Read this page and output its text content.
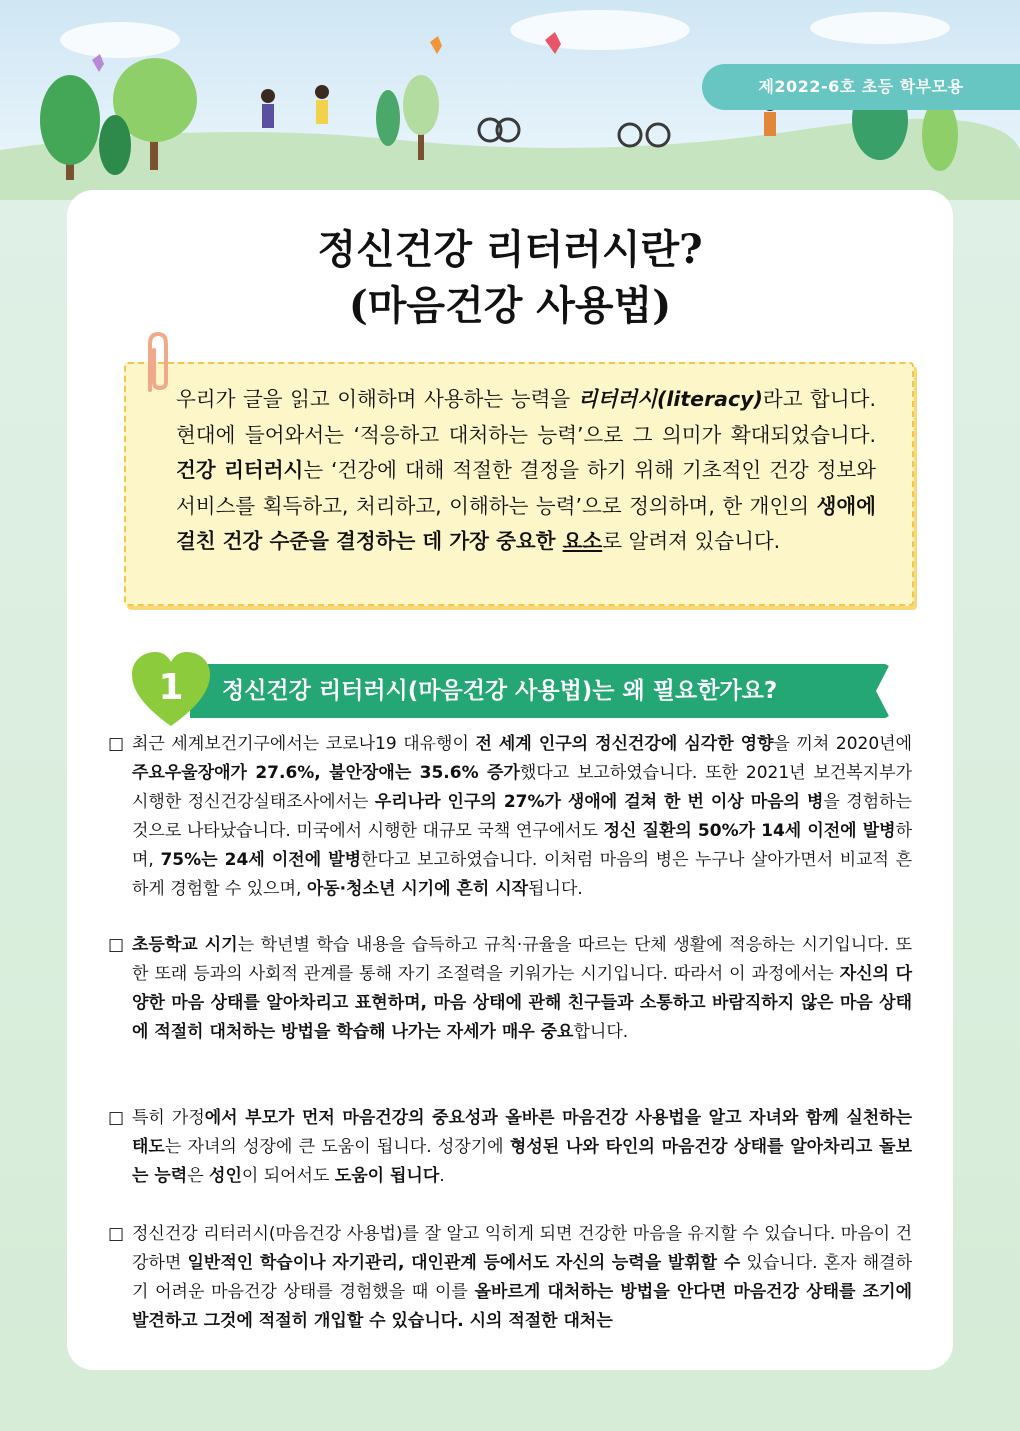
제2022-6호 초등 학부모용
정신건강 리터러시란?
(마음건강 사용법)
우리가 글을 읽고 이해하며 사용하는 능력을 리터러시(literacy)라고 합니다. 현대에 들어와서는 ‘적응하고 대처하는 능력’으로 그 의미가 확대되었습니다. 건강 리터러시는 ‘건강에 대해 적절한 결정을 하기 위해 기초적인 건강 정보와 서비스를 획득하고, 처리하고, 이해하는 능력’으로 정의하며, 한 개인의 생애에 걸친 건강 수준을 결정하는 데 가장 중요한 요소로 알려져 있습니다.
1	정신건강 리터러시(마음건강 사용법)는 왜 필요한가요?
□ 최근 세계보건기구에서는 코로나19 대유행이 전 세계 인구의 정신건강에 심각한 영향을 끼쳐 2020년에 주요우울장애가 27.6%, 불안장애는 35.6% 증가했다고 보고하였습니다. 또한 2021년 보건복지부가 시행한 정신건강실태조사에서는 우리나라 인구의 27%가 생애에 걸쳐 한 번 이상 마음의 병을 경험하는 것으로 나타났습니다. 미국에서 시행한 대규모 국책 연구에서도 정신 질환의 50%가 14세 이전에 발병하며, 75%는 24세 이전에 발병한다고 보고하였습니다. 이처럼 마음의 병은 누구나 살아가면서 비교적 흔하게 경험할 수 있으며, 아동·청소년 시기에 흔히 시작됩니다.
□ 초등학교 시기는 학년별 학습 내용을 습득하고 규칙·규율을 따르는 단체 생활에 적응하는 시기입니다. 또한 또래 등과의 사회적 관계를 통해 자기 조절력을 키워가는 시기입니다. 따라서 이 과정에서는 자신의 다양한 마음 상태를 알아차리고 표현하며, 마음 상태에 관해 친구들과 소통하고 바람직하지 않은 마음 상태에 적절히 대처하는 방법을 학습해 나가는 자세가 매우 중요합니다.
□ 특히 가정에서 부모가 먼저 마음건강의 중요성과 올바른 마음건강 사용법을 알고 자녀와 함께 실천하는 태도는 자녀의 성장에 큰 도움이 됩니다. 성장기에 형성된 나와 타인의 마음건강 상태를 알아차리고 돌보는 능력은 성인이 되어서도 도움이 됩니다.
□ 정신건강 리터러시(마음건강 사용법)를 잘 알고 익히게 되면 건강한 마음을 유지할 수 있습니다. 마음이 건강하면 일반적인 학습이나 자기관리, 대인관계 등에서도 자신의 능력을 발휘할 수 있습니다. 혼자 해결하기 어려운 마음건강 상태를 경험했을 때 이를 올바르게 대처하는 방법을 안다면 마음건강 상태를 조기에 발견하고 그것에 적절히 개입할 수 있습니다. 시의 적절한 대처는
